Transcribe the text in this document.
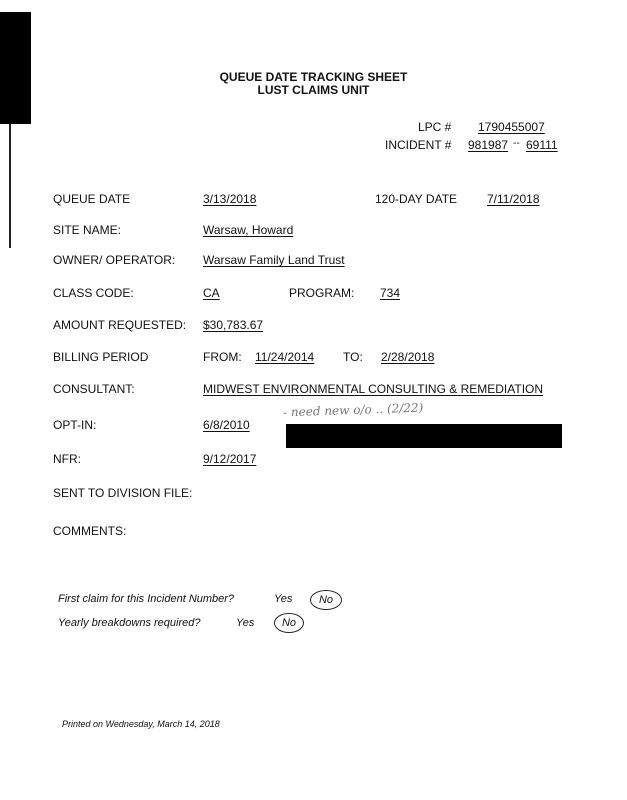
QUEUE DATE TRACKING SHEET
LUST CLAIMS UNIT
LPC # 1790455007
INCIDENT # 981987 -- 69111
QUEUE DATE	3/13/2018	120-DAY DATE 7/11/2018
SITE NAME:	Warsaw, Howard
OWNER/ OPERATOR: Warsaw Family Land Trust
CLASS CODE:	CA	PROGRAM: 734
AMOUNT REQUESTED: $30,783.67
BILLING PERIOD	FROM: 11/24/2014 TO: 2/28/2018
CONSULTANT:	MIDWEST ENVIRONMENTAL CONSULTING & REMEDIATION
- need new o/o .. (2/22)
OPT-IN:	6/8/2010
NFR:	9/12/2017
SENT TO DIVISION FILE:
COMMENTS:
First claim for this Incident Number?	Yes	No
Yearly breakdowns required?	Yes	No
Printed on Wednesday, March 14, 2018
